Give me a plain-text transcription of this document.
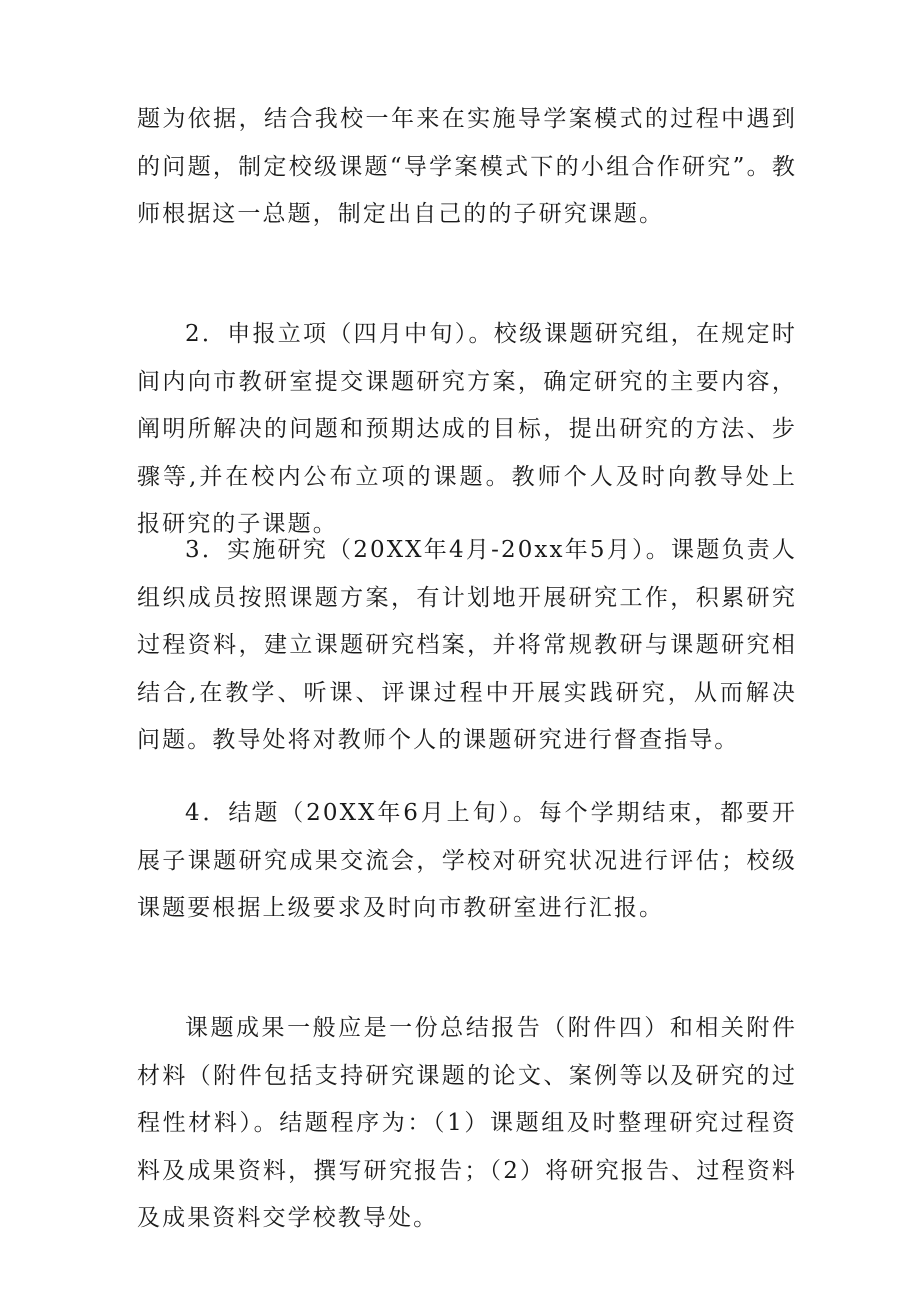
题为依据，结合我校一年来在实施导学案模式的过程中遇到的问题，制定校级课题“导学案模式下的小组合作研究”。教师根据这一总题，制定出自己的的子研究课题。

2．申报立项（四月中旬）。校级课题研究组，在规定时间内向市教研室提交课题研究方案，确定研究的主要内容，阐明所解决的问题和预期达成的目标，提出研究的方法、步骤等,并在校内公布立项的课题。教师个人及时向教导处上报研究的子课题。

3．实施研究（20XX年4月-20xx年5月）。课题负责人组织成员按照课题方案，有计划地开展研究工作，积累研究过程资料，建立课题研究档案，并将常规教研与课题研究相结合,在教学、听课、评课过程中开展实践研究，从而解决问题。教导处将对教师个人的课题研究进行督查指导。

4．结题（20XX年6月上旬）。每个学期结束，都要开展子课题研究成果交流会，学校对研究状况进行评估；校级课题要根据上级要求及时向市教研室进行汇报。

课题成果一般应是一份总结报告（附件四）和相关附件材料（附件包括支持研究课题的论文、案例等以及研究的过程性材料）。结题程序为：（1）课题组及时整理研究过程资料及成果资料，撰写研究报告；（2）将研究报告、过程资料及成果资料交学校教导处。
